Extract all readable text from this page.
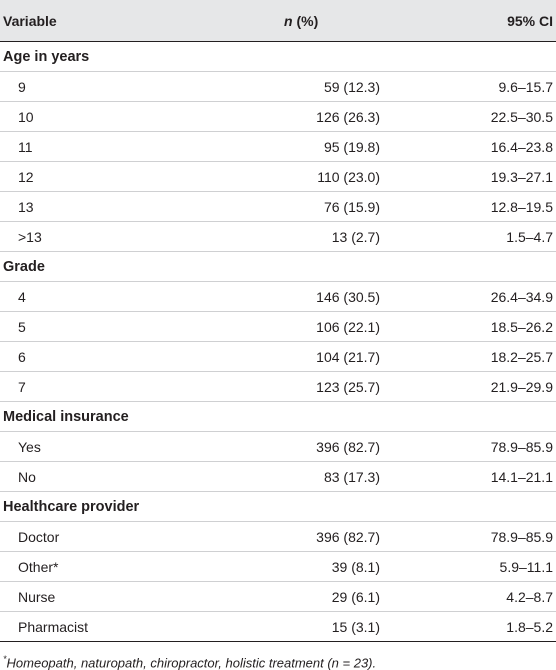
Variable	n (%)	95% CI
Age in years
9	59 (12.3)	9.6–15.7
10	126 (26.3)	22.5–30.5
11	95 (19.8)	16.4–23.8
12	110 (23.0)	19.3–27.1
13	76 (15.9)	12.8–19.5
>13	13 (2.7)	1.5–4.7
Grade
4	146 (30.5)	26.4–34.9
5	106 (22.1)	18.5–26.2
6	104 (21.7)	18.2–25.7
7	123 (25.7)	21.9–29.9
Medical insurance
Yes	396 (82.7)	78.9–85.9
No	83 (17.3)	14.1–21.1
Healthcare provider
Doctor	396 (82.7)	78.9–85.9
Other*	39 (8.1)	5.9–11.1
Nurse	29 (6.1)	4.2–8.7
Pharmacist	15 (3.1)	1.8–5.2
*Homeopath, naturopath, chiropractor, holistic treatment (n = 23).
